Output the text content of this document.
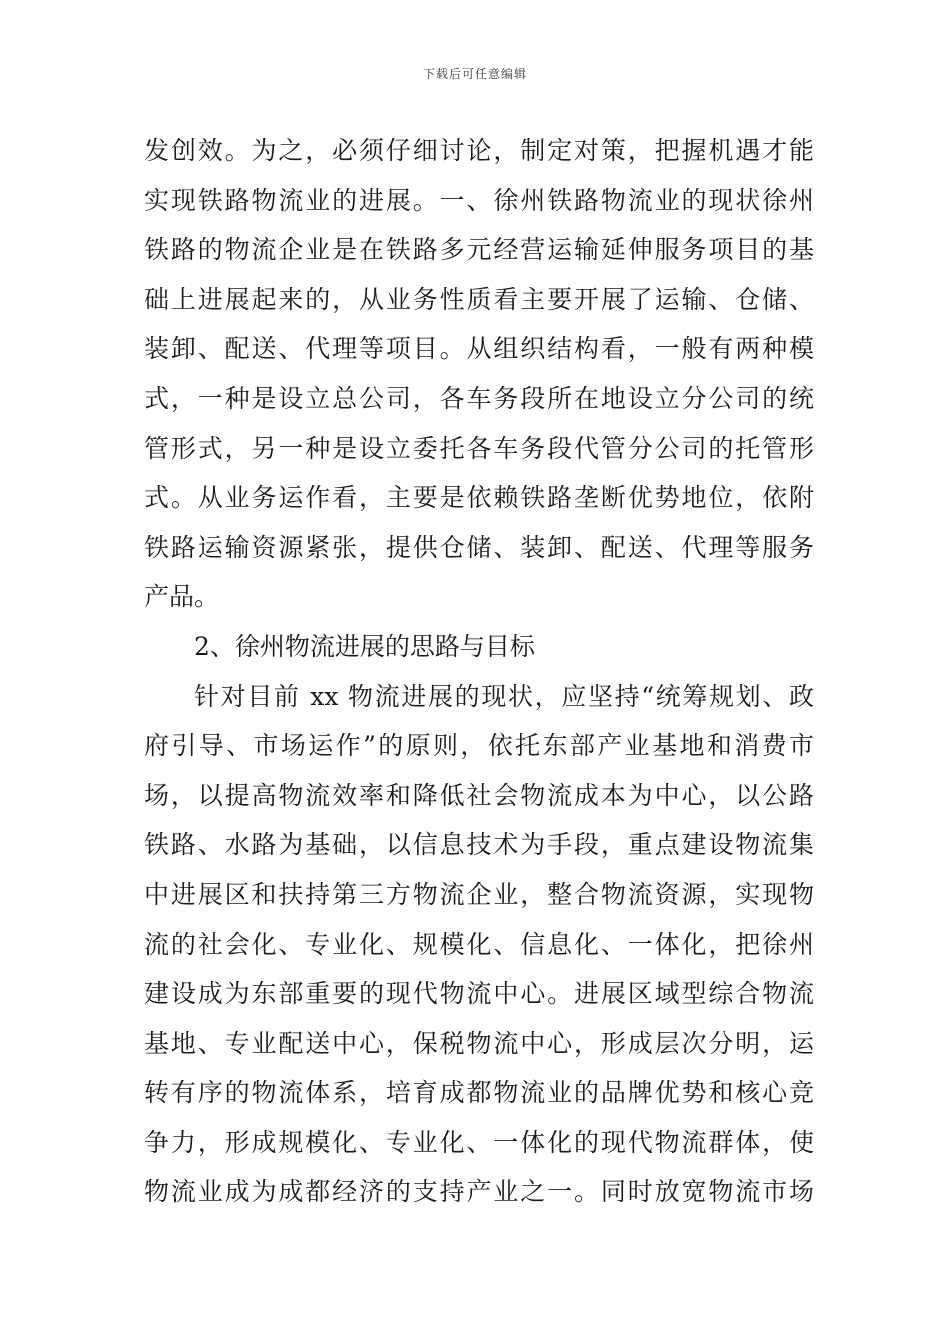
下载后可任意编辑
发创效。为之，必须仔细讨论，制定对策，把握机遇才能
实现铁路物流业的进展。一、徐州铁路物流业的现状徐州
铁路的物流企业是在铁路多元经营运输延伸服务项目的基
础上进展起来的，从业务性质看主要开展了运输、仓储、
装卸、配送、代理等项目。从组织结构看，一般有两种模
式，一种是设立总公司，各车务段所在地设立分公司的统
管形式，另一种是设立委托各车务段代管分公司的托管形
式。从业务运作看，主要是依赖铁路垄断优势地位，依附
铁路运输资源紧张，提供仓储、装卸、配送、代理等服务
产品。
2、徐州物流进展的思路与目标
针对目前 xx 物流进展的现状，应坚持“统筹规划、政
府引导、市场运作”的原则，依托东部产业基地和消费市
场，以提高物流效率和降低社会物流成本为中心，以公路
铁路、水路为基础，以信息技术为手段，重点建设物流集
中进展区和扶持第三方物流企业，整合物流资源，实现物
流的社会化、专业化、规模化、信息化、一体化，把徐州
建设成为东部重要的现代物流中心。进展区域型综合物流
基地、专业配送中心，保税物流中心，形成层次分明，运
转有序的物流体系，培育成都物流业的品牌优势和核心竞
争力，形成规模化、专业化、一体化的现代物流群体，使
物流业成为成都经济的支持产业之一。同时放宽物流市场
